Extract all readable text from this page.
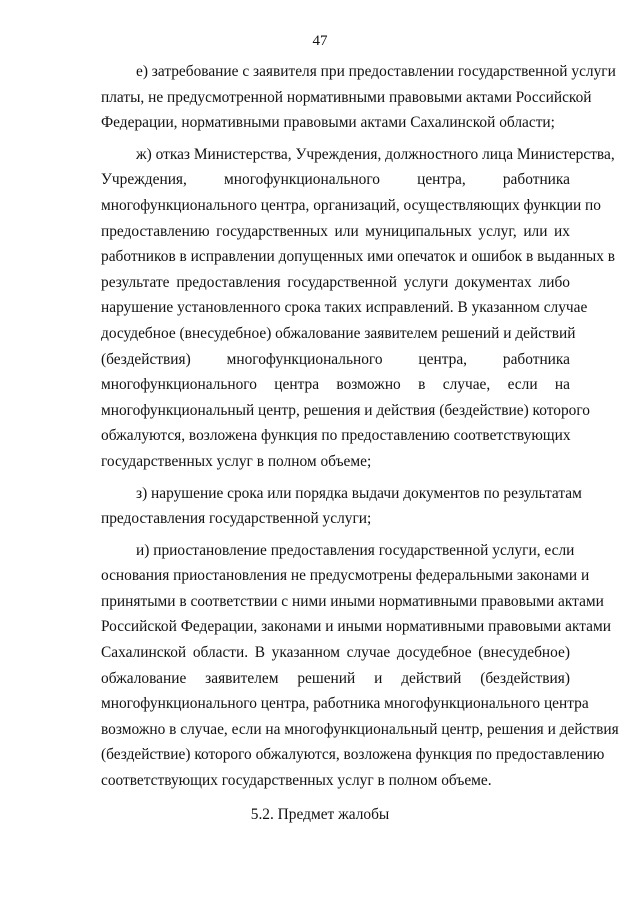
47
е) затребование с заявителя при предоставлении государственной услуги
платы, не предусмотренной нормативными правовыми актами Российской
Федерации, нормативными правовыми актами Сахалинской области;
ж) отказ Министерства, Учреждения, должностного лица Министерства,
Учреждения, многофункционального центра, работника
многофункционального центра, организаций, осуществляющих функции по
предоставлению государственных или муниципальных услуг, или их
работников в исправлении допущенных ими опечаток и ошибок в выданных в
результате предоставления государственной услуги документах либо
нарушение установленного срока таких исправлений. В указанном случае
досудебное (внесудебное) обжалование заявителем решений и действий
(бездействия) многофункционального центра, работника
многофункционального центра возможно в случае, если на
многофункциональный центр, решения и действия (бездействие) которого
обжалуются, возложена функция по предоставлению соответствующих
государственных услуг в полном объеме;
з) нарушение срока или порядка выдачи документов по результатам
предоставления государственной услуги;
и) приостановление предоставления государственной услуги, если
основания приостановления не предусмотрены федеральными законами и
принятыми в соответствии с ними иными нормативными правовыми актами
Российской Федерации, законами и иными нормативными правовыми актами
Сахалинской области. В указанном случае досудебное (внесудебное)
обжалование заявителем решений и действий (бездействия)
многофункционального центра, работника многофункционального центра
возможно в случае, если на многофункциональный центр, решения и действия
(бездействие) которого обжалуются, возложена функция по предоставлению
соответствующих государственных услуг в полном объеме.
5.2. Предмет жалобы
